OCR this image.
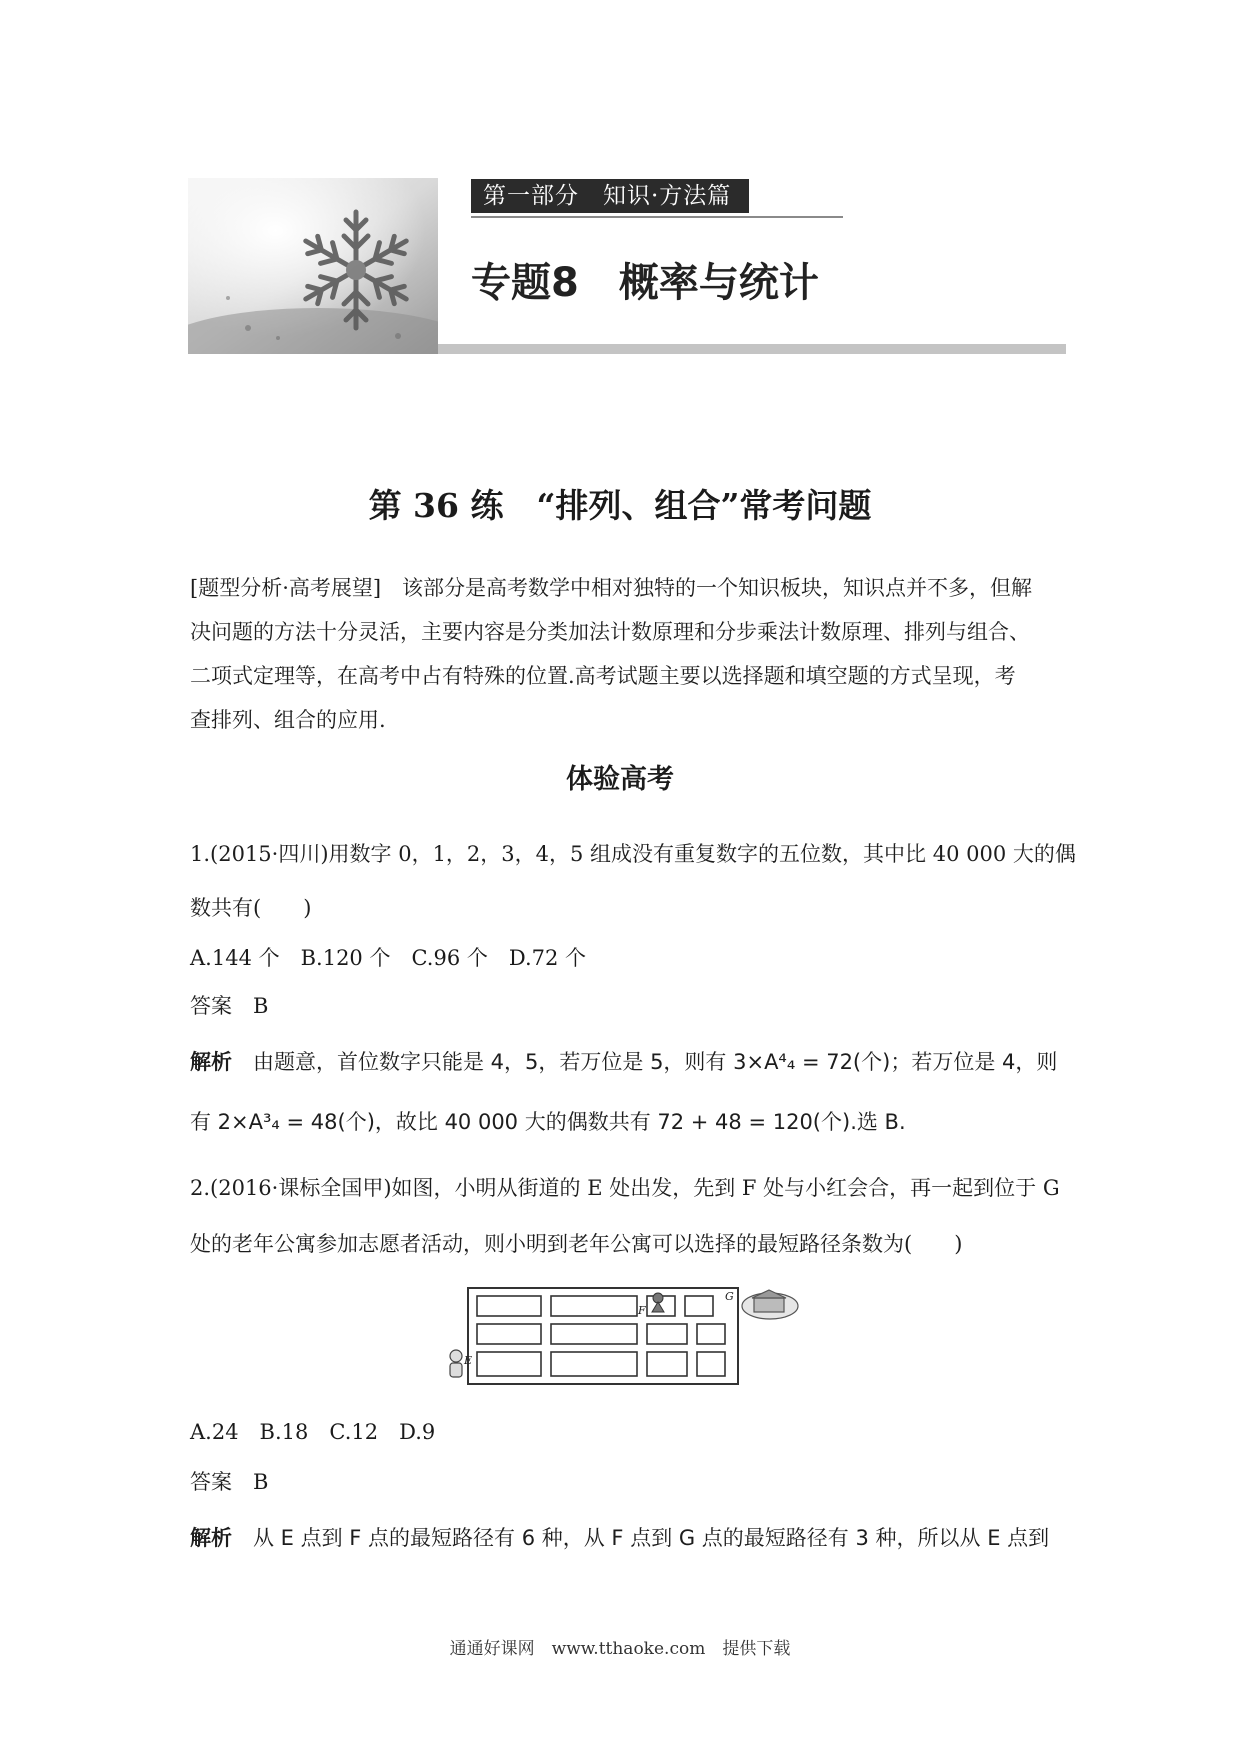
第一部分　知识·方法篇
专题8　概率与统计
第 36 练　“排列、组合”常考问题
[题型分析·高考展望]　该部分是高考数学中相对独特的一个知识板块，知识点并不多，但解
决问题的方法十分灵活，主要内容是分类加法计数原理和分步乘法计数原理、排列与组合、
二项式定理等，在高考中占有特殊的位置.高考试题主要以选择题和填空题的方式呈现，考
查排列、组合的应用.
体验高考
1.(2015·四川)用数字 0，1，2，3，4，5 组成没有重复数字的五位数，其中比 40 000 大的偶
数共有(　　)
A.144 个　B.120 个　C.96 个　D.72 个
答案　 B
解析　 由题意，首位数字只能是 4，5，若万位是 5，则有 3×A⁴₄ = 72(个)；若万位是 4，则
有 2×A³₄ = 48(个)，故比 40 000 大的偶数共有 72 + 48 = 120(个).选 B.
2.(2016·课标全国甲)如图，小明从街道的 E 处出发，先到 F 处与小红会合，再一起到位于 G
处的老年公寓参加志愿者活动，则小明到老年公寓可以选择的最短路径条数为(　　)
E
F
G
A.24　B.18　C.12　D.9
答案　 B
解析　 从 E 点到 F 点的最短路径有 6 种，从 F 点到 G 点的最短路径有 3 种，所以从 E 点到
通通好课网　www.tthaoke.com　提供下载
